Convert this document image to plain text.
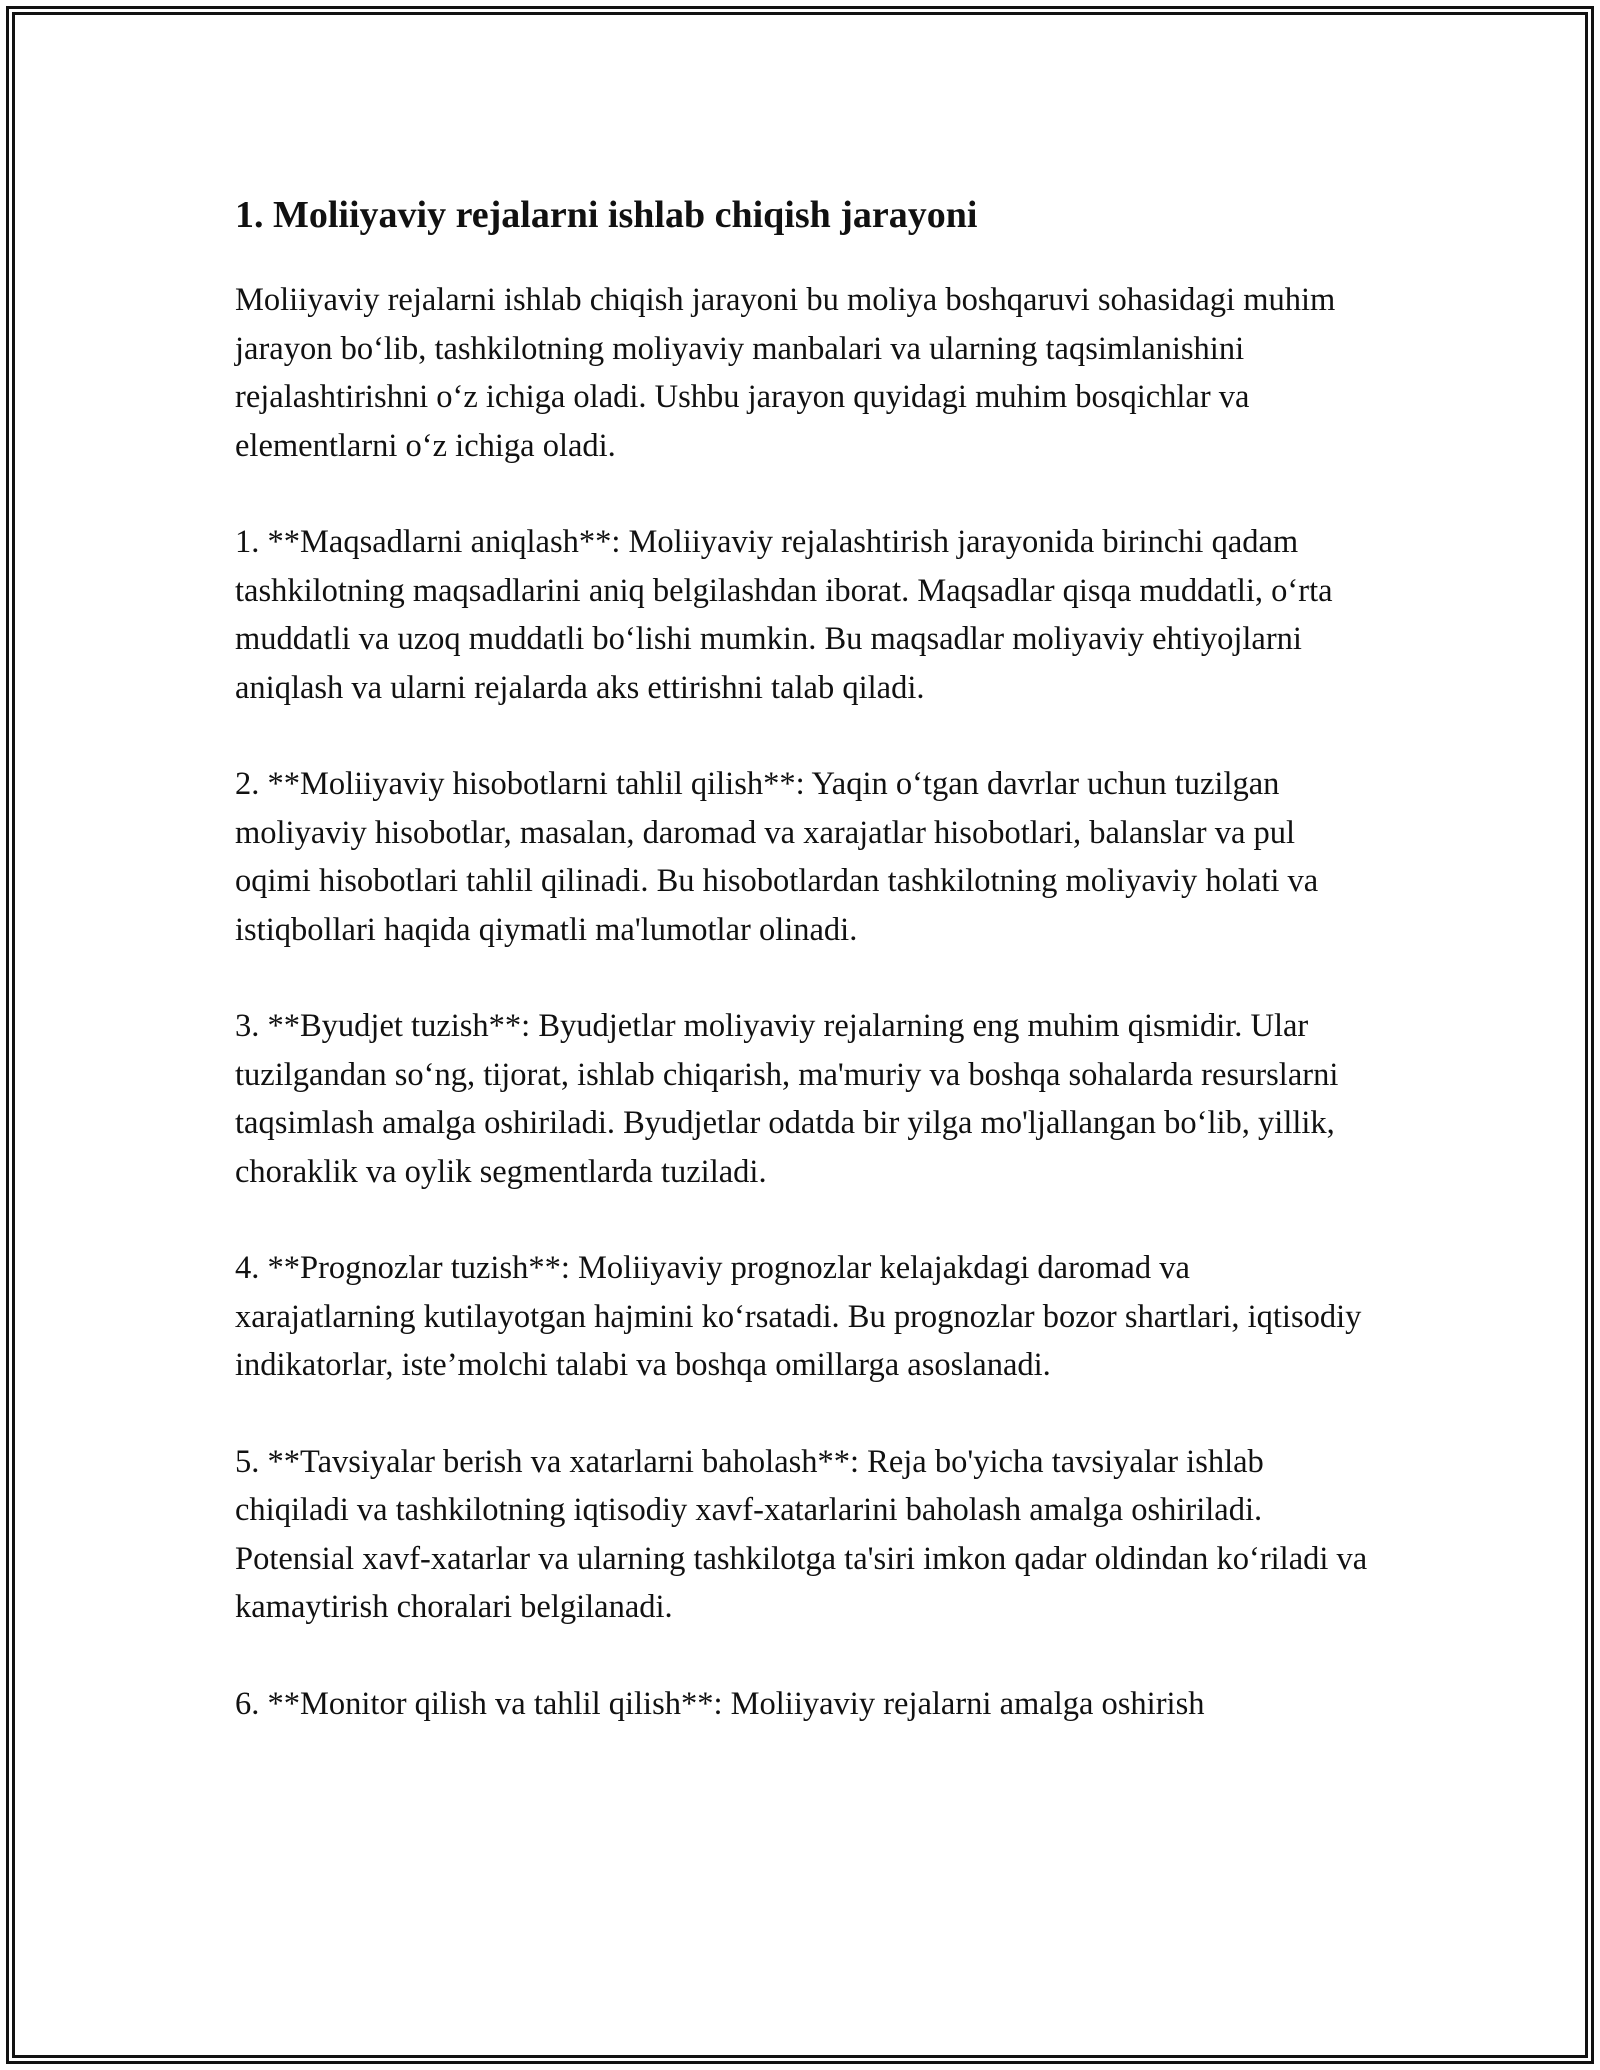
1. Moliiyaviy rejalarni ishlab chiqish jarayoni

Moliiyaviy rejalarni ishlab chiqish jarayoni bu moliya boshqaruvi sohasidagi muhim jarayon bo‘lib, tashkilotning moliyaviy manbalari va ularning taqsimlanishini rejalashtirishni o‘z ichiga oladi. Ushbu jarayon quyidagi muhim bosqichlar va elementlarni o‘z ichiga oladi.

1. **Maqsadlarni aniqlash**: Moliiyaviy rejalashtirish jarayonida birinchi qadam tashkilotning maqsadlarini aniq belgilashdan iborat. Maqsadlar qisqa muddatli, o‘rta muddatli va uzoq muddatli bo‘lishi mumkin. Bu maqsadlar moliyaviy ehtiyojlarni aniqlash va ularni rejalarda aks ettirishni talab qiladi.

2. **Moliiyaviy hisobotlarni tahlil qilish**: Yaqin o‘tgan davrlar uchun tuzilgan moliyaviy hisobotlar, masalan, daromad va xarajatlar hisobotlari, balanslar va pul oqimi hisobotlari tahlil qilinadi. Bu hisobotlardan tashkilotning moliyaviy holati va istiqbollari haqida qiymatli ma'lumotlar olinadi.

3. **Byudjet tuzish**: Byudjetlar moliyaviy rejalarning eng muhim qismidir. Ular tuzilgandan so‘ng, tijorat, ishlab chiqarish, ma'muriy va boshqa sohalarda resurslarni taqsimlash amalga oshiriladi. Byudjetlar odatda bir yilga mo'ljallangan bo‘lib, yillik, choraklik va oylik segmentlarda tuziladi.

4. **Prognozlar tuzish**: Moliiyaviy prognozlar kelajakdagi daromad va xarajatlarning kutilayotgan hajmini ko‘rsatadi. Bu prognozlar bozor shartlari, iqtisodiy indikatorlar, iste’molchi talabi va boshqa omillarga asoslanadi.

5. **Tavsiyalar berish va xatarlarni baholash**: Reja bo'yicha tavsiyalar ishlab chiqiladi va tashkilotning iqtisodiy xavf-xatarlarini baholash amalga oshiriladi. Potensial xavf-xatarlar va ularning tashkilotga ta'siri imkon qadar oldindan ko‘riladi va kamaytirish choralari belgilanadi.

6. **Monitor qilish va tahlil qilish**: Moliiyaviy rejalarni amalga oshirish
